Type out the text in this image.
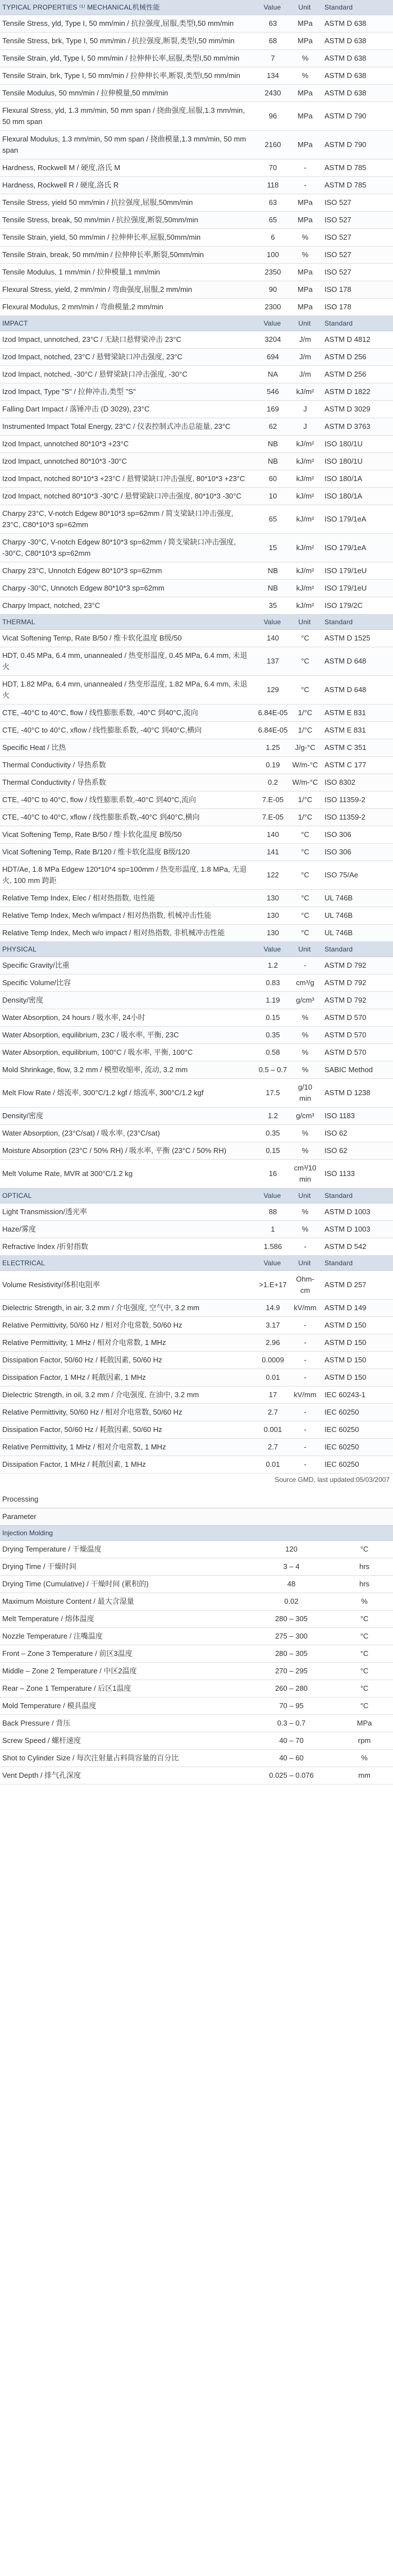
TYPICAL PROPERTIES ⁽¹⁾ MECHANICAL机械性能	Value	Unit	Standard
Tensile Stress, yld, Type I, 50 mm/min / 抗拉强度,屈服,类型I,50 mm/min	63	MPa	ASTM D 638
Tensile Stress, brk, Type I, 50 mm/min / 抗拉强度,断裂,类型I,50 mm/min	68	MPa	ASTM D 638
Tensile Strain, yld, Type I, 50 mm/min / 拉伸伸长率,屈服,类型I,50 mm/min	7	%	ASTM D 638
Tensile Strain, brk, Type I, 50 mm/min / 拉伸伸长率,断裂,类型I,50 mm/min	134	%	ASTM D 638
Tensile Modulus, 50 mm/min / 拉伸模量,50 mm/min	2430	MPa	ASTM D 638
Flexural Stress, yld, 1.3 mm/min, 50 mm span / 挠曲强度,屈服,1.3 mm/min, 50 mm span	96	MPa	ASTM D 790
Flexural Modulus, 1.3 mm/min, 50 mm span / 挠曲模量,1.3 mm/min, 50 mm span	2160	MPa	ASTM D 790
Hardness, Rockwell M / 硬度,洛氏 M	70	-	ASTM D 785
Hardness, Rockwell R / 硬度,洛氏 R	118	-	ASTM D 785
Tensile Stress, yield 50 mm/min / 抗拉强度,屈服,50mm/min	63	MPa	ISO 527
Tensile Stress, break, 50 mm/min / 抗拉强度,断裂,50mm/min	65	MPa	ISO 527
Tensile Strain, yield, 50 mm/min / 拉伸伸长率,屈服,50mm/min	6	%	ISO 527
Tensile Strain, break, 50 mm/min / 拉伸伸长率,断裂,50mm/min	100	%	ISO 527
Tensile Modulus, 1 mm/min / 拉伸模量,1 mm/min	2350	MPa	ISO 527
Flexural Stress, yield, 2 mm/min / 弯曲强度,屈服,2 mm/min	90	MPa	ISO 178
Flexural Modulus, 2 mm/min / 弯曲模量,2 mm/min	2300	MPa	ISO 178
IMPACT	Value	Unit	Standard
Izod Impact, unnotched, 23°C / 无缺口悬臂梁冲击 23°C	3204	J/m	ASTM D 4812
Izod Impact, notched, 23°C / 悬臂梁缺口冲击强度, 23°C	694	J/m	ASTM D 256
Izod Impact, notched, -30°C / 悬臂梁缺口冲击强度, -30°C	NA	J/m	ASTM D 256
Izod Impact, Type "S" / 拉伸冲击,类型 "S"	546	kJ/m²	ASTM D 1822
Falling Dart Impact / 落锤冲击 (D 3029), 23°C	169	J	ASTM D 3029
Instrumented Impact Total Energy, 23°C / 仪表控制式冲击总能量, 23°C	62	J	ASTM D 3763
Izod Impact, unnotched 80*10*3 +23°C	NB	kJ/m²	ISO 180/1U
Izod Impact, unnotched 80*10*3 -30°C	NB	kJ/m²	ISO 180/1U
Izod Impact, notched 80*10*3 +23°C / 悬臂梁缺口冲击强度, 80*10*3 +23°C	60	kJ/m²	ISO 180/1A
Izod Impact, notched 80*10*3 -30°C / 悬臂梁缺口冲击强度, 80*10*3 -30°C	10	kJ/m²	ISO 180/1A
Charpy 23°C, V-notch Edgew 80*10*3 sp=62mm / 简支梁缺口冲击强度, 23°C, C80*10*3 sp=62mm	65	kJ/m²	ISO 179/1eA
Charpy -30°C, V-notch Edgew 80*10*3 sp=62mm / 简支梁缺口冲击强度, -30°C, C80*10*3 sp=62mm	15	kJ/m²	ISO 179/1eA
Charpy 23°C, Unnotch Edgew 80*10*3 sp=62mm	NB	kJ/m²	ISO 179/1eU
Charpy -30°C, Unnotch Edgew 80*10*3 sp=62mm	NB	kJ/m²	ISO 179/1eU
Charpy Impact, notched, 23°C	35	kJ/m²	ISO 179/2C
THERMAL	Value	Unit	Standard
Vicat Softening Temp, Rate B/50 / 维卡软化温度 B级/50	140	°C	ASTM D 1525
HDT, 0.45 MPa, 6.4 mm, unannealed / 热变形温度, 0.45 MPa, 6.4 mm, 未退火	137	°C	ASTM D 648
HDT, 1.82 MPa, 6.4 mm, unannealed / 热变形温度, 1.82 MPa, 6.4 mm, 未退火	129	°C	ASTM D 648
CTE, -40°C to 40°C, flow / 线性膨胀系数, -40°C 到40°C,流向	6.84E-05	1/°C	ASTM E 831
CTE, -40°C to 40°C, xflow / 线性膨胀系数, -40°C 到40°C,横向	6.84E-05	1/°C	ASTM E 831
Specific Heat / 比热	1.25	J/g-°C	ASTM C 351
Thermal Conductivity / 导热系数	0.19	W/m-°C	ASTM C 177
Thermal Conductivity / 导热系数	0.2	W/m-°C	ISO 8302
CTE, -40°C to 40°C, flow / 线性膨胀系数,-40°C 到40°C,流向	7.E-05	1/°C	ISO 11359-2
CTE, -40°C to 40°C, xflow / 线性膨胀系数,-40°C 到40°C,横向	7.E-05	1/°C	ISO 11359-2
Vicat Softening Temp, Rate B/50 / 维卡软化温度 B级/50	140	°C	ISO 306
Vicat Softening Temp, Rate B/120 / 维卡软化温度 B级/120	141	°C	ISO 306
HDT/Ae, 1.8 MPa Edgew 120*10*4 sp=100mm / 热变形温度, 1.8 MPa, 无退火, 100 mm 跨距	122	°C	ISO 75/Ae
Relative Temp Index, Elec / 相对热指数, 电性能	130	°C	UL 746B
Relative Temp Index, Mech w/impact / 相对热指数, 机械冲击性能	130	°C	UL 746B
Relative Temp Index, Mech w/o impact / 相对热指数, 非机械冲击性能	130	°C	UL 746B
PHYSICAL	Value	Unit	Standard
Specific Gravity/比重	1.2	-	ASTM D 792
Specific Volume/比容	0.83	cm³/g	ASTM D 792
Density/密度	1.19	g/cm³	ASTM D 792
Water Absorption, 24 hours / 吸水率, 24小时	0.15	%	ASTM D 570
Water Absorption, equilibrium, 23C / 吸水率, 平衡, 23C	0.35	%	ASTM D 570
Water Absorption, equilibrium, 100°C / 吸水率, 平衡, 100°C	0.58	%	ASTM D 570
Mold Shrinkage, flow, 3.2 mm / 模塑收缩率, 流动, 3.2 mm	0.5 – 0.7	%	SABIC Method
Melt Flow Rate / 熔流率, 300°C/1.2 kgf / 熔流率, 300°C/1.2 kgf	17.5	g/10 min	ASTM D 1238
Density/密度	1.2	g/cm³	ISO 1183
Water Absorption, (23°C/sat) / 吸水率, (23°C/sat)	0.35	%	ISO 62
Moisture Absorption (23°C / 50% RH) / 吸水率, 平衡 (23°C / 50% RH)	0.15	%	ISO 62
Melt Volume Rate, MVR at 300°C/1.2 kg	16	cm³/10 min	ISO 1133
OPTICAL	Value	Unit	Standard
Light Transmission/透光率	88	%	ASTM D 1003
Haze/雾度	1	%	ASTM D 1003
Refractive Index /折射指数	1.586	-	ASTM D 542
ELECTRICAL	Value	Unit	Standard
Volume Resistivity/体积电阻率	>1.E+17	Ohm-cm	ASTM D 257
Dielectric Strength, in air, 3.2 mm / 介电强度, 空气中, 3.2 mm	14.9	kV/mm	ASTM D 149
Relative Permittivity, 50/60 Hz / 相对介电常数, 50/60 Hz	3.17	-	ASTM D 150
Relative Permittivity, 1 MHz / 相对介电常数, 1 MHz	2.96	-	ASTM D 150
Dissipation Factor, 50/60 Hz / 耗散因素, 50/60 Hz	0.0009	-	ASTM D 150
Dissipation Factor, 1 MHz / 耗散因素, 1 MHz	0.01	-	ASTM D 150
Dielectric Strength, in oil, 3.2 mm / 介电强度, 在油中, 3.2 mm	17	kV/mm	IEC 60243-1
Relative Permittivity, 50/60 Hz / 相对介电常数, 50/60 Hz	2.7	-	IEC 60250
Dissipation Factor, 50/60 Hz / 耗散因素, 50/60 Hz	0.001	-	IEC 60250
Relative Permittivity, 1 MHz / 相对介电常数, 1 MHz	2.7	-	IEC 60250
Dissipation Factor, 1 MHz / 耗散因素, 1 MHz	0.01	-	IEC 60250
Source GMD, last updated:05/03/2007
Processing
Parameter		
Injection Molding		
Drying Temperature / 干燥温度	120	°C
Drying Time / 干燥时间	3 – 4	hrs
Drying Time (Cumulative) / 干燥时间 (累积的)	48	hrs
Maximum Moisture Content / 最大含湿量	0.02	%
Melt Temperature / 熔体温度	280 – 305	°C
Nozzle Temperature / 注嘴温度	275 – 300	°C
Front – Zone 3 Temperature / 前区3温度	280 – 305	°C
Middle – Zone 2 Temperature / 中区2温度	270 – 295	°C
Rear – Zone 1 Temperature / 后区1温度	260 – 280	°C
Mold Temperature / 模具温度	70 – 95	°C
Back Pressure / 背压	0.3 – 0.7	MPa
Screw Speed / 螺杆速度	40 – 70	rpm
Shot to Cylinder Size / 每次注射量占料筒容量的百分比	40 – 60	%
Vent Depth / 排气孔深度	0.025 – 0.076	mm
